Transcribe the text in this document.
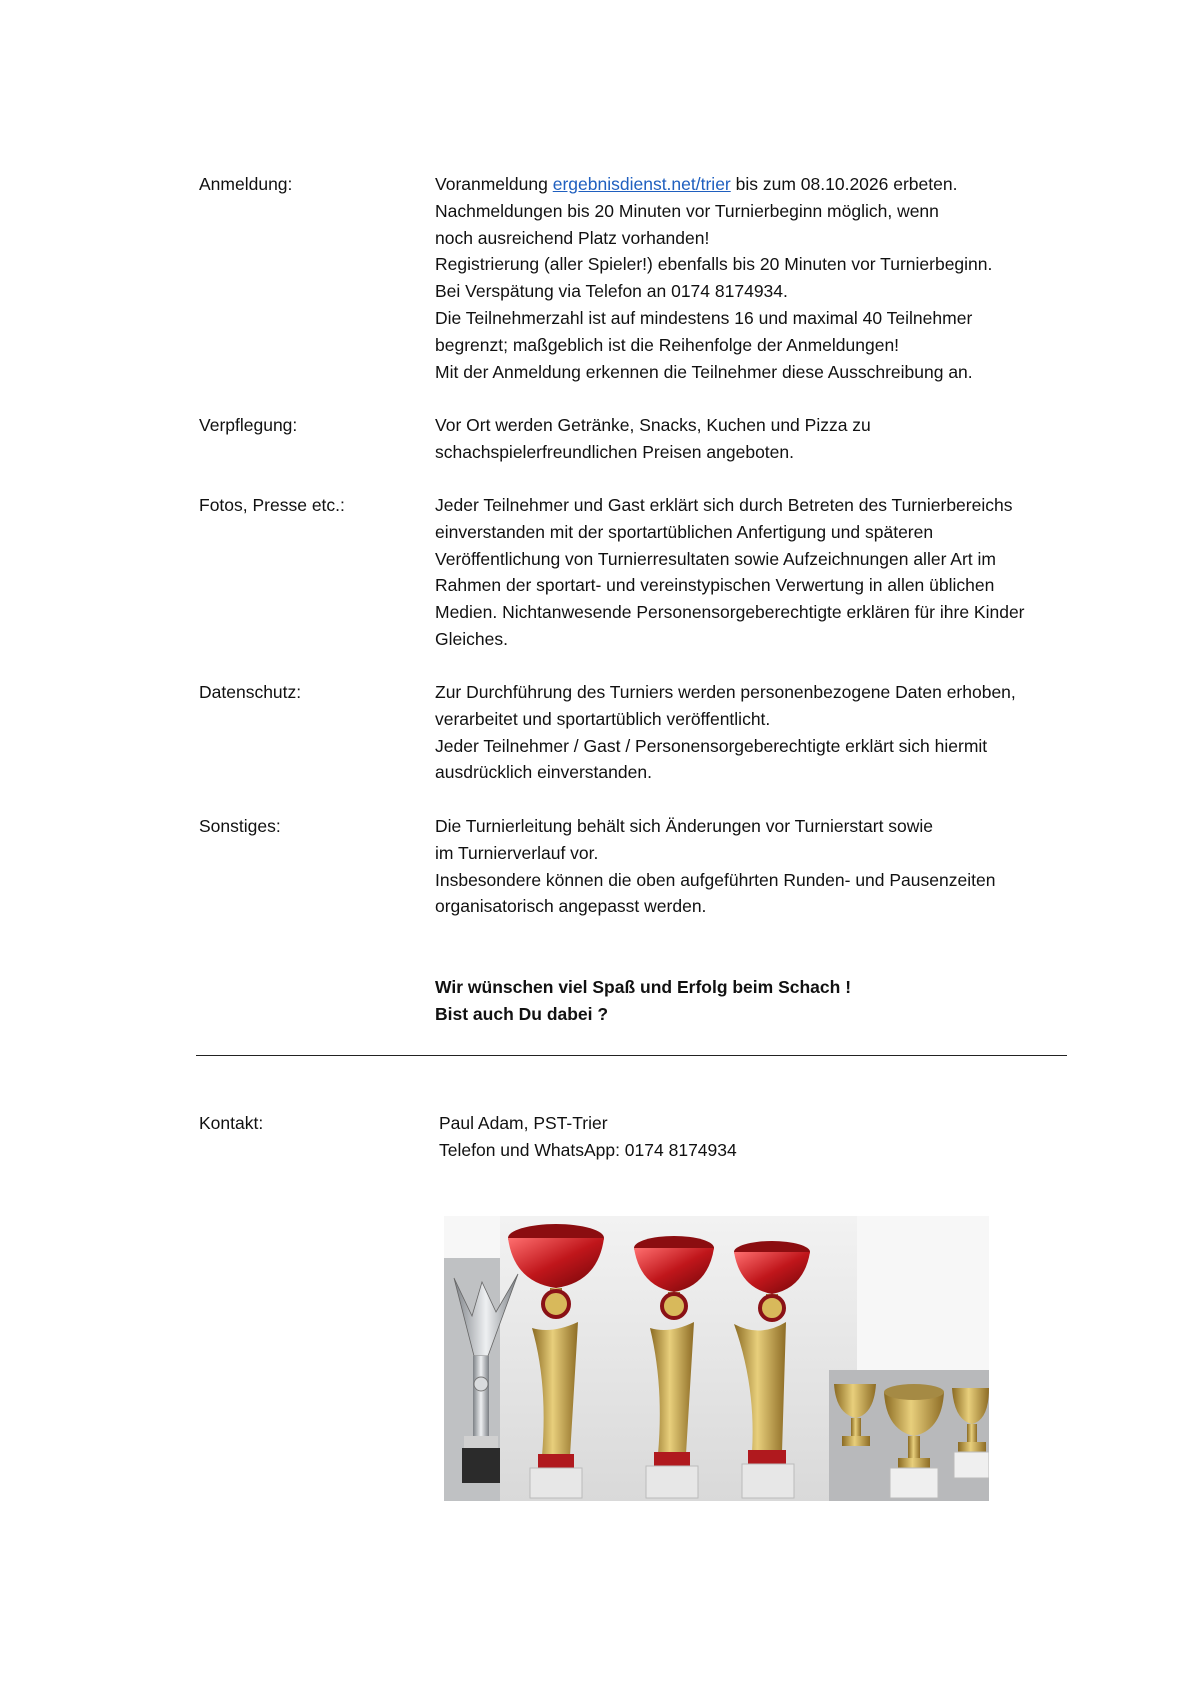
Anmeldung:	Voranmeldung ergebnisdienst.net/trier bis zum 08.10.2026 erbeten.
Nachmeldungen bis 20 Minuten vor Turnierbeginn möglich, wenn
noch ausreichend Platz vorhanden!
Registrierung (aller Spieler!) ebenfalls bis 20 Minuten vor Turnierbeginn.
Bei Verspätung via Telefon an 0174 8174934.
Die Teilnehmerzahl ist auf mindestens 16 und maximal 40 Teilnehmer
begrenzt; maßgeblich ist die Reihenfolge der Anmeldungen!
Mit der Anmeldung erkennen die Teilnehmer diese Ausschreibung an.
Verpflegung:	Vor Ort werden Getränke, Snacks, Kuchen und Pizza zu
schachspielerfreundlichen Preisen angeboten.
Fotos, Presse etc.:	Jeder Teilnehmer und Gast erklärt sich durch Betreten des Turnierbereichs
einverstanden mit der sportartüblichen Anfertigung und späteren
Veröffentlichung von Turnierresultaten sowie Aufzeichnungen aller Art im
Rahmen der sportart- und vereinstypischen Verwertung in allen üblichen
Medien. Nichtanwesende Personensorgeberechtigte erklären für ihre Kinder
Gleiches.
Datenschutz:	Zur Durchführung des Turniers werden personenbezogene Daten erhoben,
verarbeitet und sportartüblich veröffentlicht.
Jeder Teilnehmer / Gast / Personensorgeberechtigte erklärt sich hiermit
ausdrücklich einverstanden.
Sonstiges:	Die Turnierleitung behält sich Änderungen vor Turnierstart sowie
im Turnierverlauf vor.
Insbesondere können die oben aufgeführten Runden- und Pausenzeiten
organisatorisch angepasst werden.
Wir wünschen viel Spaß und Erfolg beim Schach !
Bist auch Du dabei ?
Kontakt:	Paul Adam, PST-Trier
Telefon und WhatsApp: 0174 8174934
